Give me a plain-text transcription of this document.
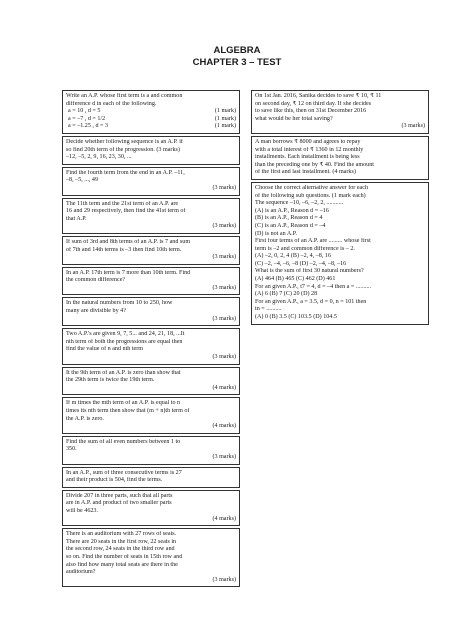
ALGEBRA
CHAPTER 3 – TEST
Write an A.P. whose first term is a and common
difference d in each of the following.
a = 10 , d = 5	(1 mark)
a = –7 , d = 1/2	(1 mark)
a = –1.25 , d = 3	(1 mark)
Decide whether following sequence is an A.P. if
so find 20th term of the progression. (3 marks)
–12, –5, 2, 9, 16, 23, 30, ...
Find the fourth term from the end in an A.P. –11,
–8, –5, ..., 49
(3 marks)
The 11th term and the 21st term of an A.P. are
16 and 29 respectively, then find the 41st term of
that A.P.
(3 marks)
If sum of 3rd and 8th terms of an A.P. is 7 and sum
of 7th and 14th terms is –3 then find 10th term.
(3 marks)
In an A.P. 17th term is 7 more than 10th term. Find
the common difference?
(3 marks)
In the natural numbers from 10 to 250, how
many are divisible by 4?
(3 marks)
Two A.P.'s are given 9, 7, 5... and 24, 21, 18, ...It
nth term of both the progressions are equal then
find the value of n and nth term
(3 marks)
It the 9th term of an A.P. is zero than show that
the 29th term is twice the 19th term.
(4 marks)
If m times the mth term of an A.P. is equal to n
times its nth term then show that (m + n)th term of
the A.P. is zero.
(4 marks)
Find the sum of all even numbers between 1 to
350.
(3 marks)
In an A.P., sum of three consecutive terms is 27
and their product is 504, find the terms.
Divide 207 in three parts, such that all parts
are in A.P. and product of two smaller parts
will be 4623.
(4 marks)
There is an auditorium with 27 rows of seats.
There are 20 seats in the first row, 22 seats in
the second row, 24 seats in the third row and
so on. Find the number of seats in 15th row and
also find how many total seats are there in the
auditorium?
(3 marks)
On 1st Jan. 2016, Sanika decides to save ₹ 10, ₹ 11
on second day, ₹ 12 on third day. If she decides
to save like this, then on 31st December 2016
what would be her total saving?
(3 marks)
A man borrows ₹ 8000 and agrees to repay
with a total interest of ₹ 1360 in 12 monthly
installments. Each installment is being less
than the preceding one by ₹ 40. Find the amount
of the first and last installment. (4 marks)
Choose the correct alternative answer for each
of the following sub questions. (1 mark each)
The sequence –10, –6, –2, 2, ...........
(A) is an A.P., Reason d = –16
(B) is an A.P., Reason d = 4
(C) is an A.P., Reason d = –4
(D) is not an A.P.
First four terms of an A.P. are ......... whose first
term is –2 and common difference is – 2.
(A) –2, 0, 2, 4 (B) –2, 4, –8, 16
(C) –2, –4, –6, –8 (D) –2, –4, –8, –16
What is the sum of first 30 natural numbers?
(A) 464 (B) 465 (C) 462 (D) 461
For an given A.P., t7 = 4, d = –4 then a = ..........
(A) 6 (B) 7 (C) 20 (D) 28
For an given A.P., a = 3.5, d = 0, n = 101 then
tn = ..........
(A) 0 (B) 3.5 (C) 103.5 (D) 104.5
